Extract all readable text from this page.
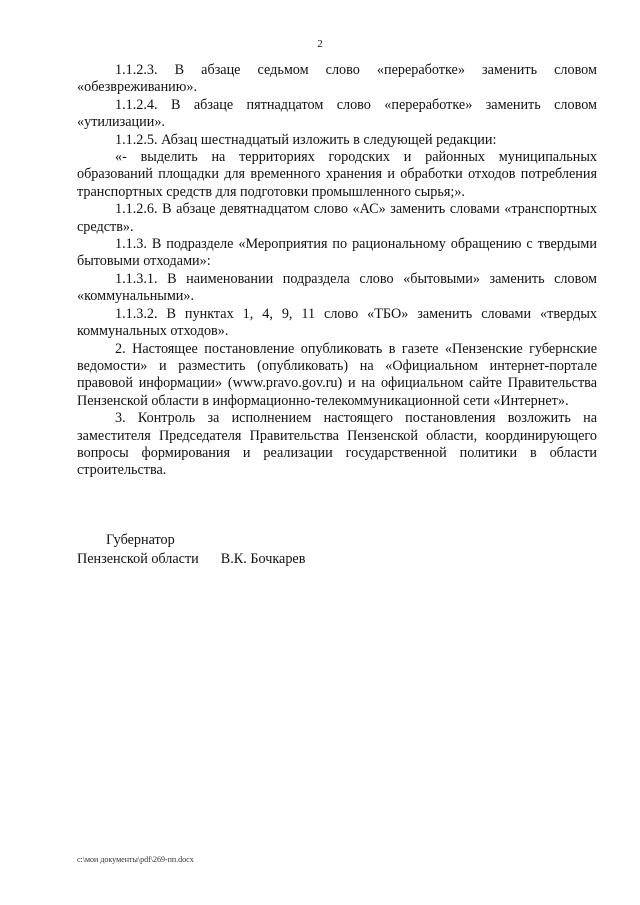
2

1.1.2.3. В абзаце седьмом слово «переработке» заменить словом «обезвреживанию».

1.1.2.4. В абзаце пятнадцатом слово «переработке» заменить словом «утилизации».

1.1.2.5. Абзац шестнадцатый изложить в следующей редакции:

«- выделить на территориях городских и районных муниципальных образований площадки для временного хранения и обработки отходов потребления транспортных средств для подготовки промышленного сырья;».

1.1.2.6. В абзаце девятнадцатом слово «АС» заменить словами «транспортных средств».

1.1.3. В подразделе «Мероприятия по рациональному обращению с твердыми бытовыми отходами»:

1.1.3.1. В наименовании подраздела слово «бытовыми» заменить словом «коммунальными».

1.1.3.2. В пунктах 1, 4, 9, 11 слово «ТБО» заменить словами «твердых коммунальных отходов».

2. Настоящее постановление опубликовать в газете «Пензенские губернские ведомости» и разместить (опубликовать) на «Официальном интернет-портале правовой информации» (www.pravo.gov.ru) и на официальном сайте Правительства Пензенской области в информационно-телекоммуникационной сети «Интернет».

3. Контроль за исполнением настоящего постановления возложить на заместителя Председателя Правительства Пензенской области, координирующего вопросы формирования и реализации государственной политики в области строительства.

Губернатор
Пензенской области В.К. Бочкарев
c:\мои документы\pdf\269-пп.docx
